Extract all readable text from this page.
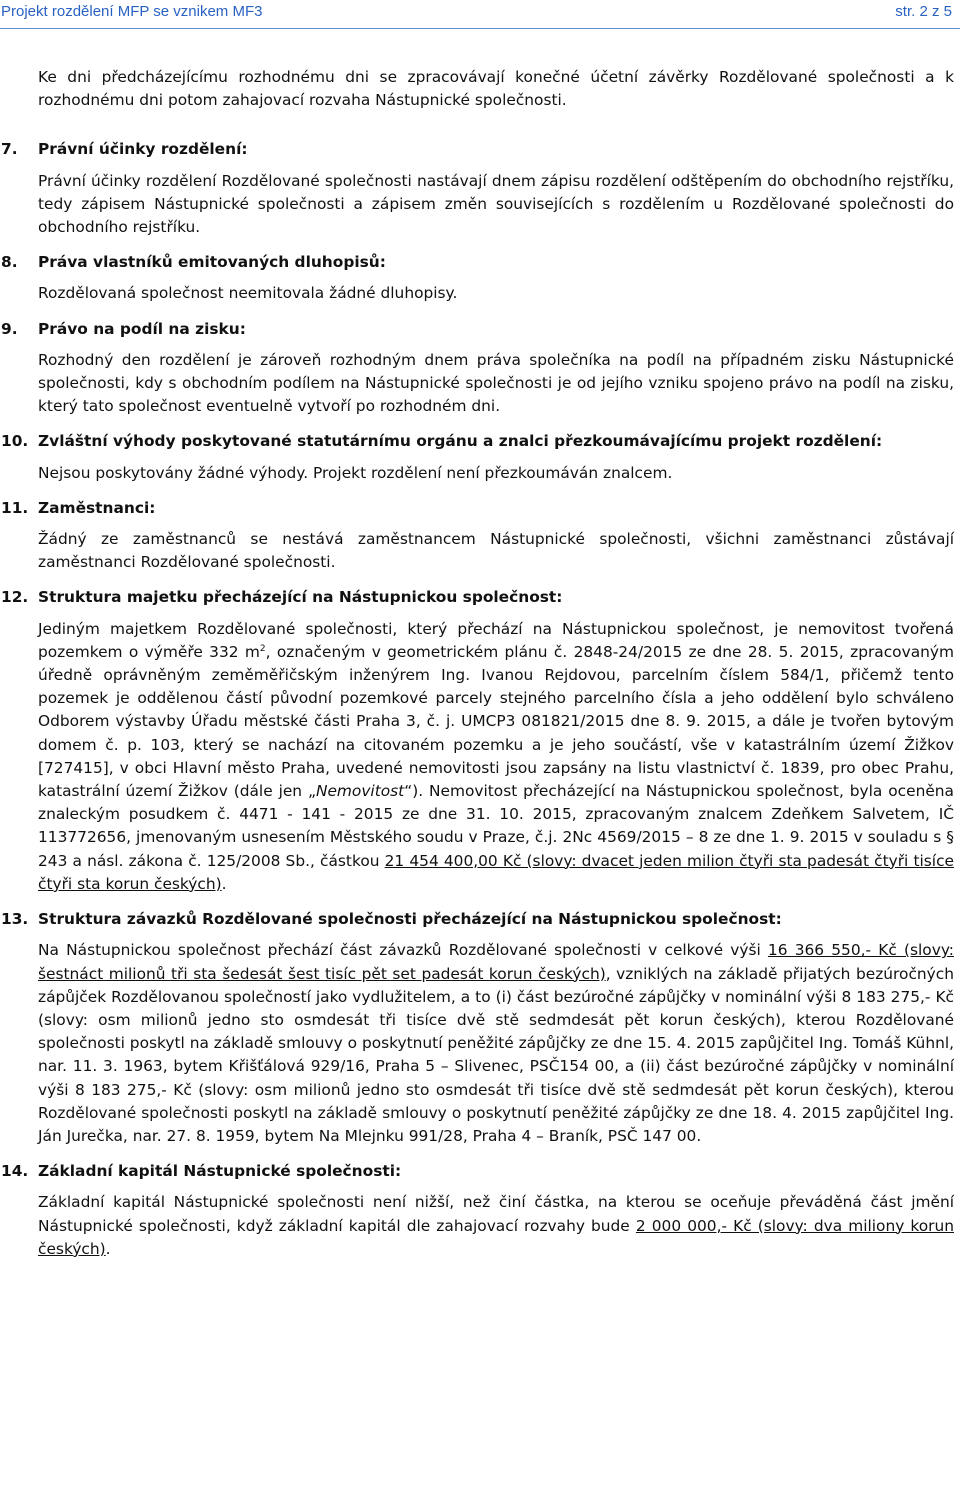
Projekt rozdělení MFP se vznikem MF3	str. 2 z 5

Ke dni předcházejícímu rozhodnému dni se zpracovávají konečné účetní závěrky Rozdělované společnosti a k rozhodnému dni potom zahajovací rozvaha Nástupnické společnosti.

7.	Právní účinky rozdělení:

Právní účinky rozdělení Rozdělované společnosti nastávají dnem zápisu rozdělení odštěpením do obchodního rejstříku, tedy zápisem Nástupnické společnosti a zápisem změn souvisejících s rozdělením u Rozdělované společnosti do obchodního rejstříku.

8.	Práva vlastníků emitovaných dluhopisů:

Rozdělovaná společnost neemitovala žádné dluhopisy.

9.	Právo na podíl na zisku:

Rozhodný den rozdělení je zároveň rozhodným dnem práva společníka na podíl na případném zisku Nástupnické společnosti, kdy s obchodním podílem na Nástupnické společnosti je od jejího vzniku spojeno právo na podíl na zisku, který tato společnost eventuelně vytvoří po rozhodném dni.

10. Zvláštní výhody poskytované statutárnímu orgánu a znalci přezkoumávajícímu projekt rozdělení:

Nejsou poskytovány žádné výhody. Projekt rozdělení není přezkoumáván znalcem.

11. Zaměstnanci:

Žádný ze zaměstnanců se nestává zaměstnancem Nástupnické společnosti, všichni zaměstnanci zůstávají zaměstnanci Rozdělované společnosti.

12. Struktura majetku přecházející na Nástupnickou společnost:

Jediným majetkem Rozdělované společnosti, který přechází na Nástupnickou společnost, je nemovitost tvořená pozemkem o výměře 332 $m^2$, označeným v geometrickém plánu č. 2848-24/2015 ze dne 28. 5. 2015, zpracovaným úředně oprávněným zeměměřičským inženýrem Ing. Ivanou Rejdovou, parcelním číslem 584/1, přičemž tento pozemek je oddělenou částí původní pozemkové parcely stejného parcelního čísla a jeho oddělení bylo schváleno Odborem výstavby Úřadu městské části Praha 3, č. j. UMCP3 081821/2015 dne 8. 9. 2015, a dále je tvořen bytovým domem č. p. 103, který se nachází na citovaném pozemku a je jeho součástí, vše v katastrálním území Žižkov [727415], v obci Hlavní město Praha, uvedené nemovitosti jsou zapsány na listu vlastnictví č. 1839, pro obec Prahu, katastrální území Žižkov (dále jen „Nemovitost“). Nemovitost přecházející na Nástupnickou společnost, byla oceněna znaleckým posudkem č. 4471 - 141 - 2015 ze dne 31. 10. 2015, zpracovaným znalcem Zdeňkem Salvetem, IČ 113772656, jmenovaným usnesením Městského soudu v Praze, č.j. 2Nc 4569/2015 – 8 ze dne 1. 9. 2015 v souladu s § 243 a násl. zákona č. 125/2008 Sb., částkou 21 454 400,00 Kč (slovy: dvacet jeden milion čtyři sta padesát čtyři tisíce čtyři sta korun českých).

13. Struktura závazků Rozdělované společnosti přecházející na Nástupnickou společnost:

Na Nástupnickou společnost přechází část závazků Rozdělované společnosti v celkové výši 16 366 550,- Kč (slovy: šestnáct milionů tři sta šedesát šest tisíc pět set padesát korun českých), vzniklých na základě přijatých bezúročných zápůjček Rozdělovanou společností jako vydlužitelem, a to (i) část bezúročné zápůjčky v nominální výši 8 183 275,- Kč (slovy: osm milionů jedno sto osmdesát tři tisíce dvě stě sedmdesát pět korun českých), kterou Rozdělované společnosti poskytl na základě smlouvy o poskytnutí peněžité zápůjčky ze dne 15. 4. 2015 zapůjčitel Ing. Tomáš Kühnl, nar. 11. 3. 1963, bytem Křišťálová 929/16, Praha 5 – Slivenec, PSČ154 00, a (ii) část bezúročné zápůjčky v nominální výši 8 183 275,- Kč (slovy: osm milionů jedno sto osmdesát tři tisíce dvě stě sedmdesát pět korun českých), kterou Rozdělované společnosti poskytl na základě smlouvy o poskytnutí peněžité zápůjčky ze dne 18. 4. 2015 zapůjčitel Ing. Ján Jurečka, nar. 27. 8. 1959, bytem Na Mlejnku 991/28, Praha 4 – Braník, PSČ 147 00.

14. Základní kapitál Nástupnické společnosti:

Základní kapitál Nástupnické společnosti není nižší, než činí částka, na kterou se oceňuje převáděná část jmění Nástupnické společnosti, když základní kapitál dle zahajovací rozvahy bude 2 000 000,- Kč (slovy: dva miliony korun českých).
